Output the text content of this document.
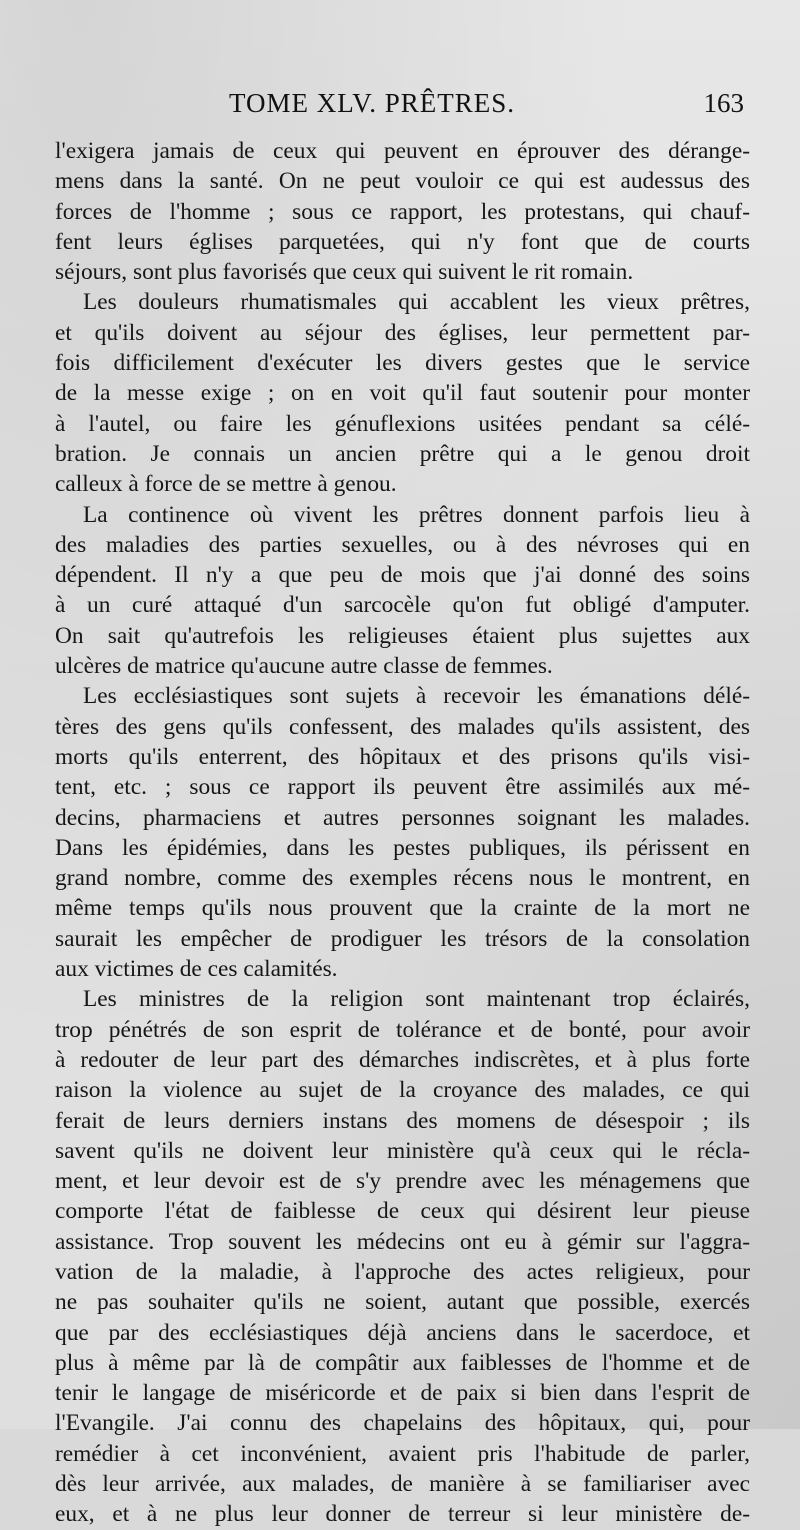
TOME XLV. PRÊTRES.	163
l'exigera jamais de ceux qui peuvent en éprouver des dérange-
mens dans la santé. On ne peut vouloir ce qui est audessus des
forces de l'homme ; sous ce rapport, les protestans, qui chauf-
fent leurs églises parquetées, qui n'y font que de courts
séjours, sont plus favorisés que ceux qui suivent le rit romain.
Les douleurs rhumatismales qui accablent les vieux prêtres,
et qu'ils doivent au séjour des églises, leur permettent par-
fois difficilement d'exécuter les divers gestes que le service
de la messe exige ; on en voit qu'il faut soutenir pour monter
à l'autel, ou faire les génuflexions usitées pendant sa célé-
bration. Je connais un ancien prêtre qui a le genou droit
calleux à force de se mettre à genou.
La continence où vivent les prêtres donnent parfois lieu à
des maladies des parties sexuelles, ou à des névroses qui en
dépendent. Il n'y a que peu de mois que j'ai donné des soins
à un curé attaqué d'un sarcocèle qu'on fut obligé d'amputer.
On sait qu'autrefois les religieuses étaient plus sujettes aux
ulcères de matrice qu'aucune autre classe de femmes.
Les ecclésiastiques sont sujets à recevoir les émanations délé-
tères des gens qu'ils confessent, des malades qu'ils assistent, des
morts qu'ils enterrent, des hôpitaux et des prisons qu'ils visi-
tent, etc. ; sous ce rapport ils peuvent être assimilés aux mé-
decins, pharmaciens et autres personnes soignant les malades.
Dans les épidémies, dans les pestes publiques, ils périssent en
grand nombre, comme des exemples récens nous le montrent, en
même temps qu'ils nous prouvent que la crainte de la mort ne
saurait les empêcher de prodiguer les trésors de la consolation
aux victimes de ces calamités.
Les ministres de la religion sont maintenant trop éclairés,
trop pénétrés de son esprit de tolérance et de bonté, pour avoir
à redouter de leur part des démarches indiscrètes, et à plus forte
raison la violence au sujet de la croyance des malades, ce qui
ferait de leurs derniers instans des momens de désespoir ; ils
savent qu'ils ne doivent leur ministère qu'à ceux qui le récla-
ment, et leur devoir est de s'y prendre avec les ménagemens que
comporte l'état de faiblesse de ceux qui désirent leur pieuse
assistance. Trop souvent les médecins ont eu à gémir sur l'aggra-
vation de la maladie, à l'approche des actes religieux, pour
ne pas souhaiter qu'ils ne soient, autant que possible, exercés
que par des ecclésiastiques déjà anciens dans le sacerdoce, et
plus à même par là de compâtir aux faiblesses de l'homme et de
tenir le langage de miséricorde et de paix si bien dans l'esprit de
l'Evangile. J'ai connu des chapelains des hôpitaux, qui, pour
remédier à cet inconvénient, avaient pris l'habitude de parler,
dès leur arrivée, aux malades, de manière à se familiariser avec
eux, et à ne plus leur donner de terreur si leur ministère de-
